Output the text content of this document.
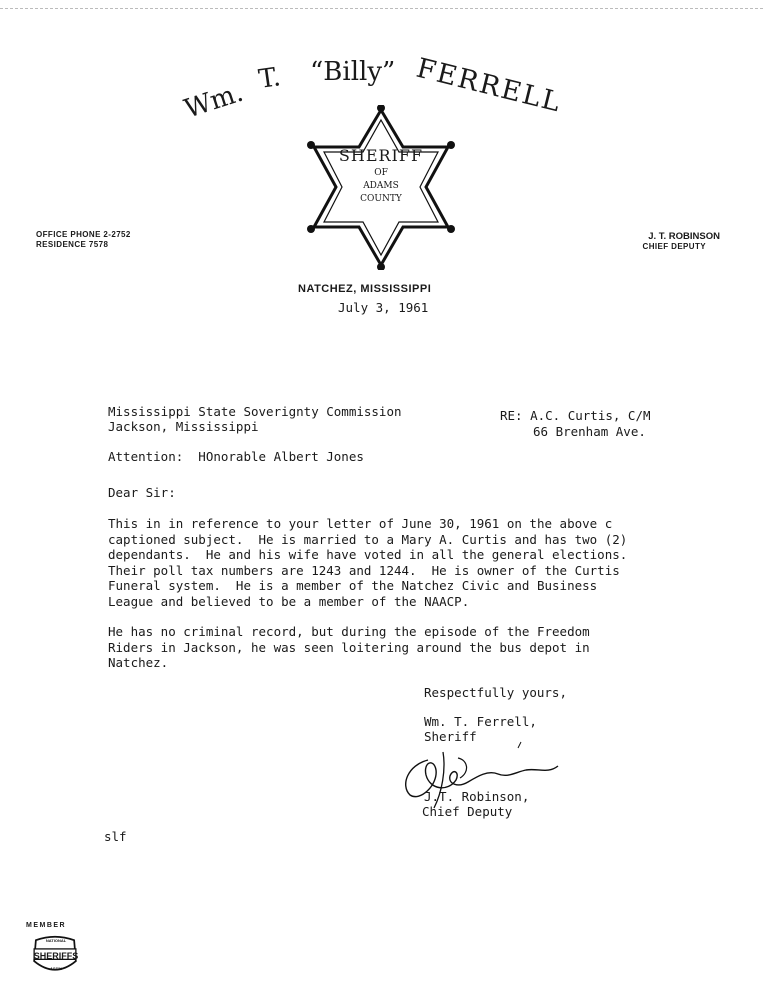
Wm. T. “Billy” FERRELL
SHERIFF
OF
ADAMS
COUNTY
OFFICE PHONE 2-2752
RESIDENCE 7578
J. T. ROBINSON
CHIEF DEPUTY
NATCHEZ, MISSISSIPPI
July 3, 1961
Mississippi State Soverignty Commission
Jackson, Mississippi
RE: A.C. Curtis, C/M
66 Brenham Ave.
Attention:  HOnorable Albert Jones
Dear Sir:
This in in reference to your letter of June 30, 1961 on the above c
captioned subject.  He is married to a Mary A. Curtis and has two (2)
dependants.  He and his wife have voted in all the general elections.
Their poll tax numbers are 1243 and 1244.  He is owner of the Curtis
Funeral system.  He is a member of the Natchez Civic and Business
League and believed to be a member of the NAACP.
He has no criminal record, but during the episode of the Freedom
Riders in Jackson, he was seen loitering around the bus depot in
Natchez.
Respectfully yours,
Wm. T. Ferrell,
Sheriff
J.T. Robinson,
Chief Deputy
slf
MEMBER
NATIONAL
SHERIFFS
ASS'N
